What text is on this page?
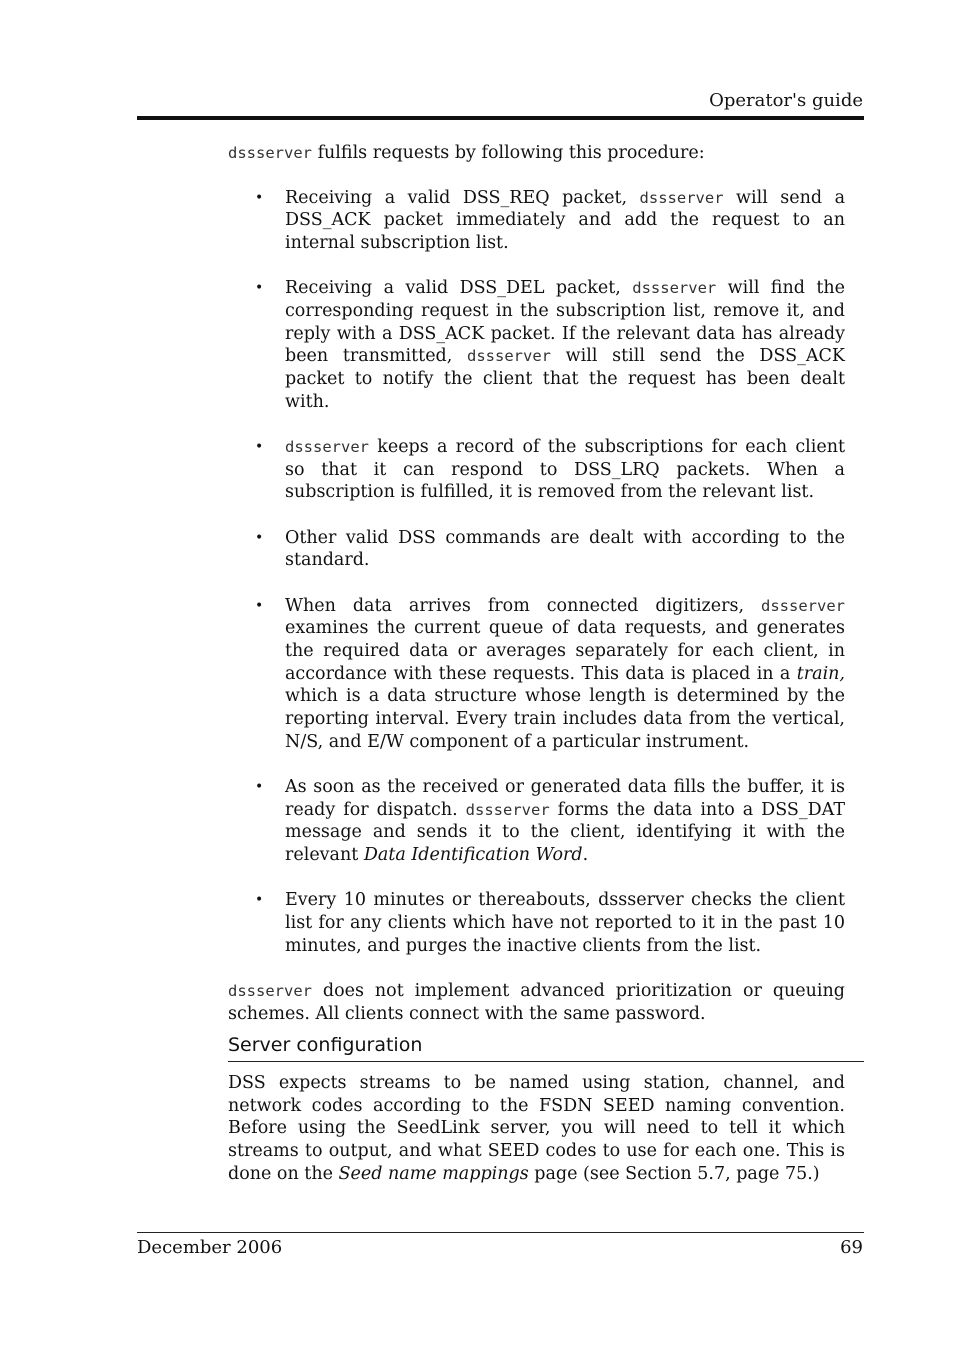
Operator's guide

dssserver fulfils requests by following this procedure:

• Receiving a valid DSS_REQ packet, dssserver will send a DSS_ACK packet immediately and add the request to an internal subscription list.
• Receiving a valid DSS_DEL packet, dssserver will find the corresponding request in the subscription list, remove it, and reply with a DSS_ACK packet. If the relevant data has already been transmitted, dssserver will still send the DSS_ACK packet to notify the client that the request has been dealt with.
• dssserver keeps a record of the subscriptions for each client so that it can respond to DSS_LRQ packets. When a subscription is fulfilled, it is removed from the relevant list.
• Other valid DSS commands are dealt with according to the standard.
• When data arrives from connected digitizers, dssserver examines the current queue of data requests, and generates the required data or averages separately for each client, in accordance with these requests. This data is placed in a train, which is a data structure whose length is determined by the reporting interval. Every train includes data from the vertical, N/S, and E/W component of a particular instrument.
• As soon as the received or generated data fills the buffer, it is ready for dispatch. dssserver forms the data into a DSS_DAT message and sends it to the client, identifying it with the relevant Data Identification Word.
• Every 10 minutes or thereabouts, dssserver checks the client list for any clients which have not reported to it in the past 10 minutes, and purges the inactive clients from the list.

dssserver does not implement advanced prioritization or queuing schemes. All clients connect with the same password.

Server configuration
DSS expects streams to be named using station, channel, and network codes according to the FSDN SEED naming convention. Before using the SeedLink server, you will need to tell it which streams to output, and what SEED codes to use for each one. This is done on the Seed name mappings page (see Section 5.7, page 75.)
December 2006	69
